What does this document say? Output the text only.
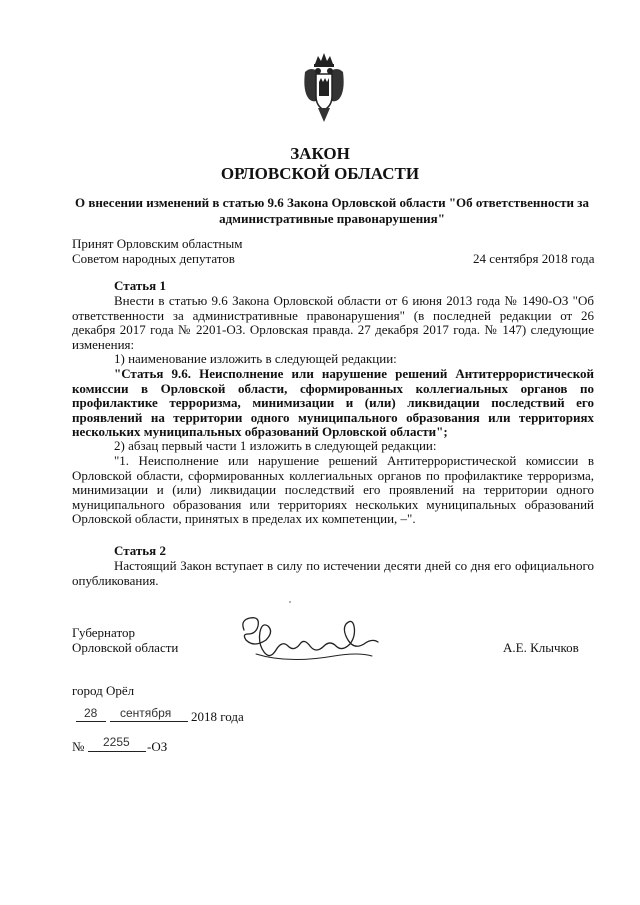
ЗАКОН
ОРЛОВСКОЙ ОБЛАСТИ
О внесении изменений в статью 9.6 Закона Орловской области "Об ответственности за
административные правонарушения"
Принят Орловским областным
Советом народных депутатов	24 сентября 2018 года
Статья 1
Внести в статью 9.6 Закона Орловской области от 6 июня 2013 года № 1490-ОЗ "Об ответственности за административные правонарушения" (в последней редакции от 26 декабря 2017 года № 2201-ОЗ. Орловская правда. 27 декабря 2017 года. № 147) следующие изменения:
1) наименование изложить в следующей редакции:
"Статья 9.6. Неисполнение или нарушение решений Антитеррористической комиссии в Орловской области, сформированных коллегиальных органов по профилактике терроризма, минимизации и (или) ликвидации последствий его проявлений на территории одного муниципального образования или территориях нескольких муниципальных образований Орловской области";
2) абзац первый части 1 изложить в следующей редакции:
"1. Неисполнение или нарушение решений Антитеррористической комиссии в Орловской области, сформированных коллегиальных органов по профилактике терроризма, минимизации и (или) ликвидации последствий его проявлений на территории одного муниципального образования или территориях нескольких муниципальных образований Орловской области, принятых в пределах их компетенции, –".
Статья 2
Настоящий Закон вступает в силу по истечении десяти дней со дня его официального опубликования.
Губернатор
Орловской области	А.Е. Клычков
город Орёл
28 сентября 2018 года
№ 2255 -ОЗ
